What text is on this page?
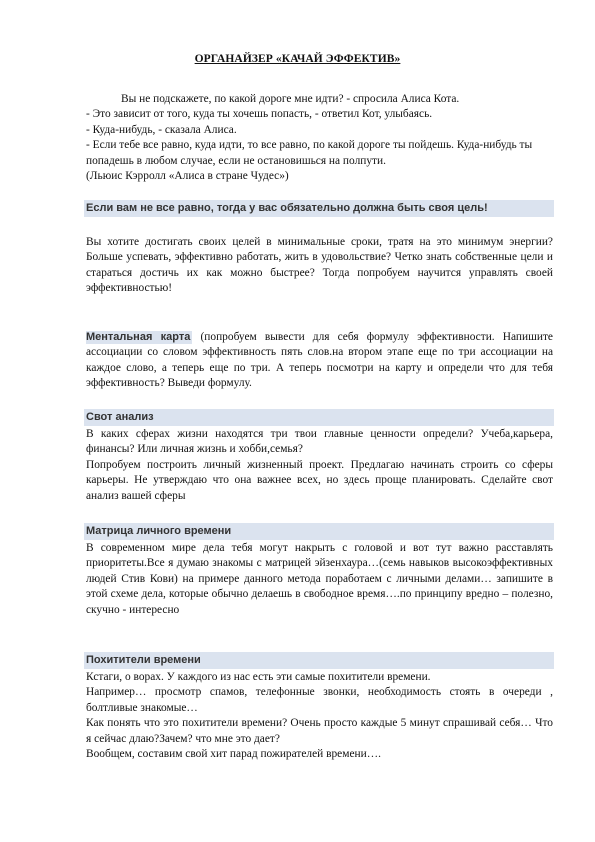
ОРГАНАЙЗЕР «КАЧАЙ ЭФФЕКТИВ»

Вы не подскажете, по какой дороге мне идти? - спросила Алиса Кота.

- Это зависит от того, куда ты хочешь попасть, - ответил Кот, улыбаясь.

- Куда-нибудь, - сказала Алиса.

- Если тебе все равно, куда идти, то все равно, по какой дороге ты пойдешь. Куда-нибудь ты попадешь в любом случае, если не остановишься на полпути.

(Льюис Кэрролл «Алиса в стране Чудес»)

Если вам не все равно, тогда у вас обязательно должна быть своя цель!
Вы хотите достигать своих целей в минимальные сроки, тратя на это минимум энергии? Больше успевать, эффективно работать, жить в удовольствие? Четко знать собственные цели и стараться достичь их как можно быстрее? Тогда попробуем научится управлять своей эффективностью!

Ментальная карта (попробуем вывести для себя формулу эффективности. Напишите ассоциации со словом эффективность пять слов.на втором этапе еще по три ассоциации на каждое слово, а теперь еще по три. А теперь посмотри на карту и определи что для тебя эффективность? Выведи формулу.

Свот анализ

В каких сферах жизни находятся три твои главные ценности определи? Учеба,карьера, финансы? Или личная жизнь и хобби,семья?

Попробуем построить личный жизненный проект. Предлагаю начинать строить со сферы карьеры. Не утверждаю что она важнее всех, но здесь проще планировать. Сделайте свот анализ вашей сферы

Матрица личного времени
В современном мире дела тебя могут накрыть с головой и вот тут важно расставлять приоритеты.Все я думаю знакомы с матрицей эйзенхаура…(семь навыков высокоэффективных людей Стив Кови) на примере данного метода поработаем с личными делами… запишите в этой схеме дела, которые обычно делаешь в свободное время….по принципу вредно – полезно, скучно - интересно
Похитители времени

Кстаги, о ворах. У каждого из нас есть эти самые похитители времени.

Например… просмотр спамов, телефонные звонки, необходимость стоять в очереди , болтливые знакомые…

Как понять что это похитители времени? Очень просто каждые 5 минут спрашивай себя… Что я сейчас длаю?Зачем? что мне это дает?

Вообщем, составим свой хит парад пожирателей времени….
